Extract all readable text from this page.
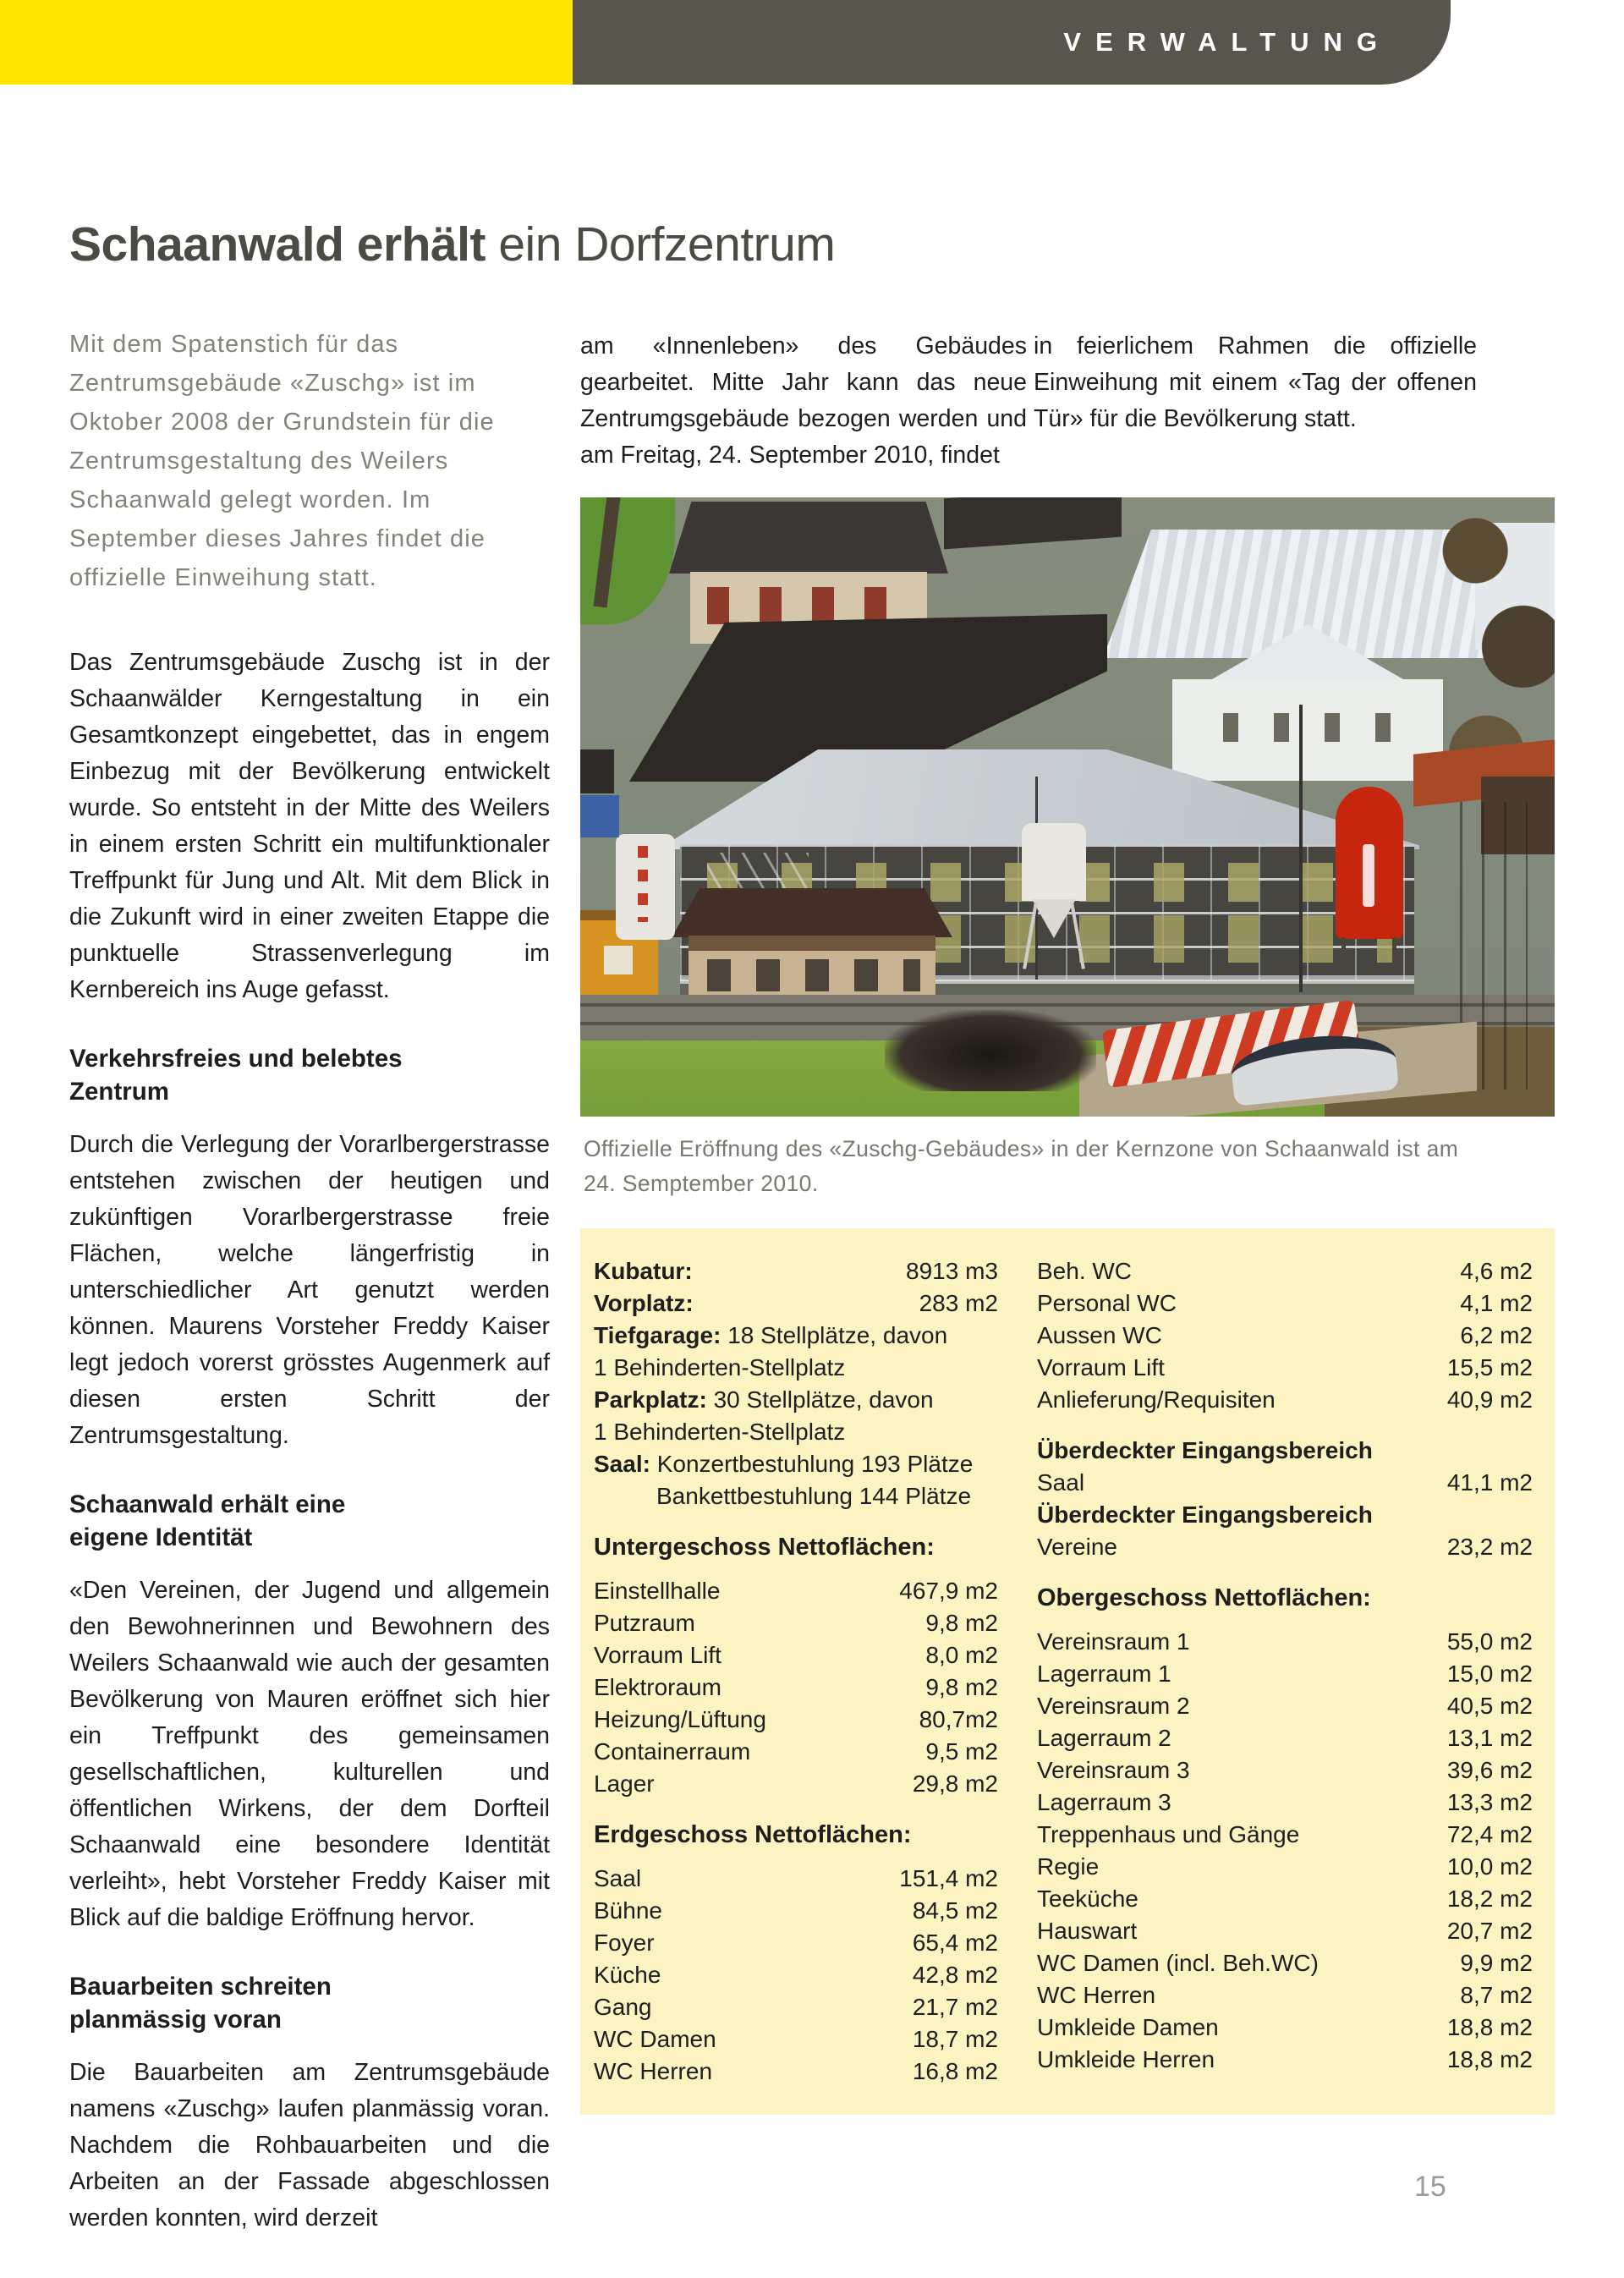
VERWALTUNG
Schaanwald erhält ein Dorfzentrum

Mit dem Spatenstich für das Zentrumsgebäude «Zuschg» ist im Oktober 2008 der Grundstein für die Zentrumsgestaltung des Weilers Schaanwald gelegt worden. Im September dieses Jahres findet die offizielle Einweihung statt.

Das Zentrumsgebäude Zuschg ist in der Schaanwälder Kerngestaltung in ein Gesamtkonzept eingebettet, das in engem Einbezug mit der Bevölkerung entwickelt wurde. So entsteht in der Mitte des Weilers in einem ersten Schritt ein multifunktionaler Treffpunkt für Jung und Alt. Mit dem Blick in die Zukunft wird in einer zweiten Etappe die punktuelle Strassenverlegung im Kernbereich ins Auge gefasst.

Verkehrsfreies und belebtes
Zentrum

Durch die Verlegung der Vorarlbergerstrasse entstehen zwischen der heutigen und zukünftigen Vorarlbergerstrasse freie Flächen, welche längerfristig in unterschiedlicher Art genutzt werden können. Maurens Vorsteher Freddy Kaiser legt jedoch vorerst grösstes Augenmerk auf diesen ersten Schritt der Zentrumsgestaltung.

Schaanwald erhält eine
eigene Identität

«Den Vereinen, der Jugend und allgemein den Bewohnerinnen und Bewohnern des Weilers Schaanwald wie auch der gesamten Bevölkerung von Mauren eröffnet sich hier ein Treffpunkt des gemeinsamen gesellschaftlichen, kulturellen und öffentlichen Wirkens, der dem Dorfteil Schaanwald eine besondere Identität verleiht», hebt Vorsteher Freddy Kaiser mit Blick auf die baldige Eröffnung hervor.

Bauarbeiten schreiten
planmässig voran

Die Bauarbeiten am Zentrumsgebäude namens «Zuschg» laufen planmässig voran. Nachdem die Rohbauarbeiten und die Arbeiten an der Fassade abgeschlossen werden konnten, wird derzeit

am «Innenleben» des Gebäudes gearbeitet. Mitte Jahr kann das neue Zentrumgsgebäude bezogen werden und am Freitag, 24. September 2010, findet

in feierlichem Rahmen die offizielle Einweihung mit einem «Tag der offenen Tür» für die Bevölkerung statt.

Offizielle Eröffnung des «Zuschg-Gebäudes» in der Kernzone von Schaanwald ist am
24. Semptember 2010.
Kubatur:	8913 m3
Vorplatz:	283 m2
Tiefgarage: 18 Stellplätze, davon
1 Behinderten-Stellplatz
Parkplatz: 30 Stellplätze, davon
1 Behinderten-Stellplatz
Saal: Konzertbestuhlung 193 Plätze
Bankettbestuhlung 144 Plätze
Untergeschoss Nettoflächen:
Einstellhalle	467,9 m2
Putzraum	9,8 m2
Vorraum Lift	8,0 m2
Elektroraum	9,8 m2
Heizung/Lüftung	80,7m2
Containerraum	9,5 m2
Lager	29,8 m2
Erdgeschoss Nettoflächen:
Saal	151,4 m2
Bühne	84,5 m2
Foyer	65,4 m2
Küche	42,8 m2
Gang	21,7 m2
WC Damen	18,7 m2
WC Herren	16,8 m2
Beh. WC	4,6 m2
Personal WC	4,1 m2
Aussen WC	6,2 m2
Vorraum Lift	15,5 m2
Anlieferung/Requisiten	40,9 m2
Überdeckter Eingangsbereich
Saal	41,1 m2
Überdeckter Eingangsbereich
Vereine	23,2 m2
Obergeschoss Nettoflächen:
Vereinsraum 1	55,0 m2
Lagerraum 1	15,0 m2
Vereinsraum 2	40,5 m2
Lagerraum 2	13,1 m2
Vereinsraum 3	39,6 m2
Lagerraum 3	13,3 m2
Treppenhaus und Gänge	72,4 m2
Regie	10,0 m2
Teeküche	18,2 m2
Hauswart	20,7 m2
WC Damen (incl. Beh.WC)	9,9 m2
WC Herren	8,7 m2
Umkleide Damen	18,8 m2
Umkleide Herren	18,8 m2
15
